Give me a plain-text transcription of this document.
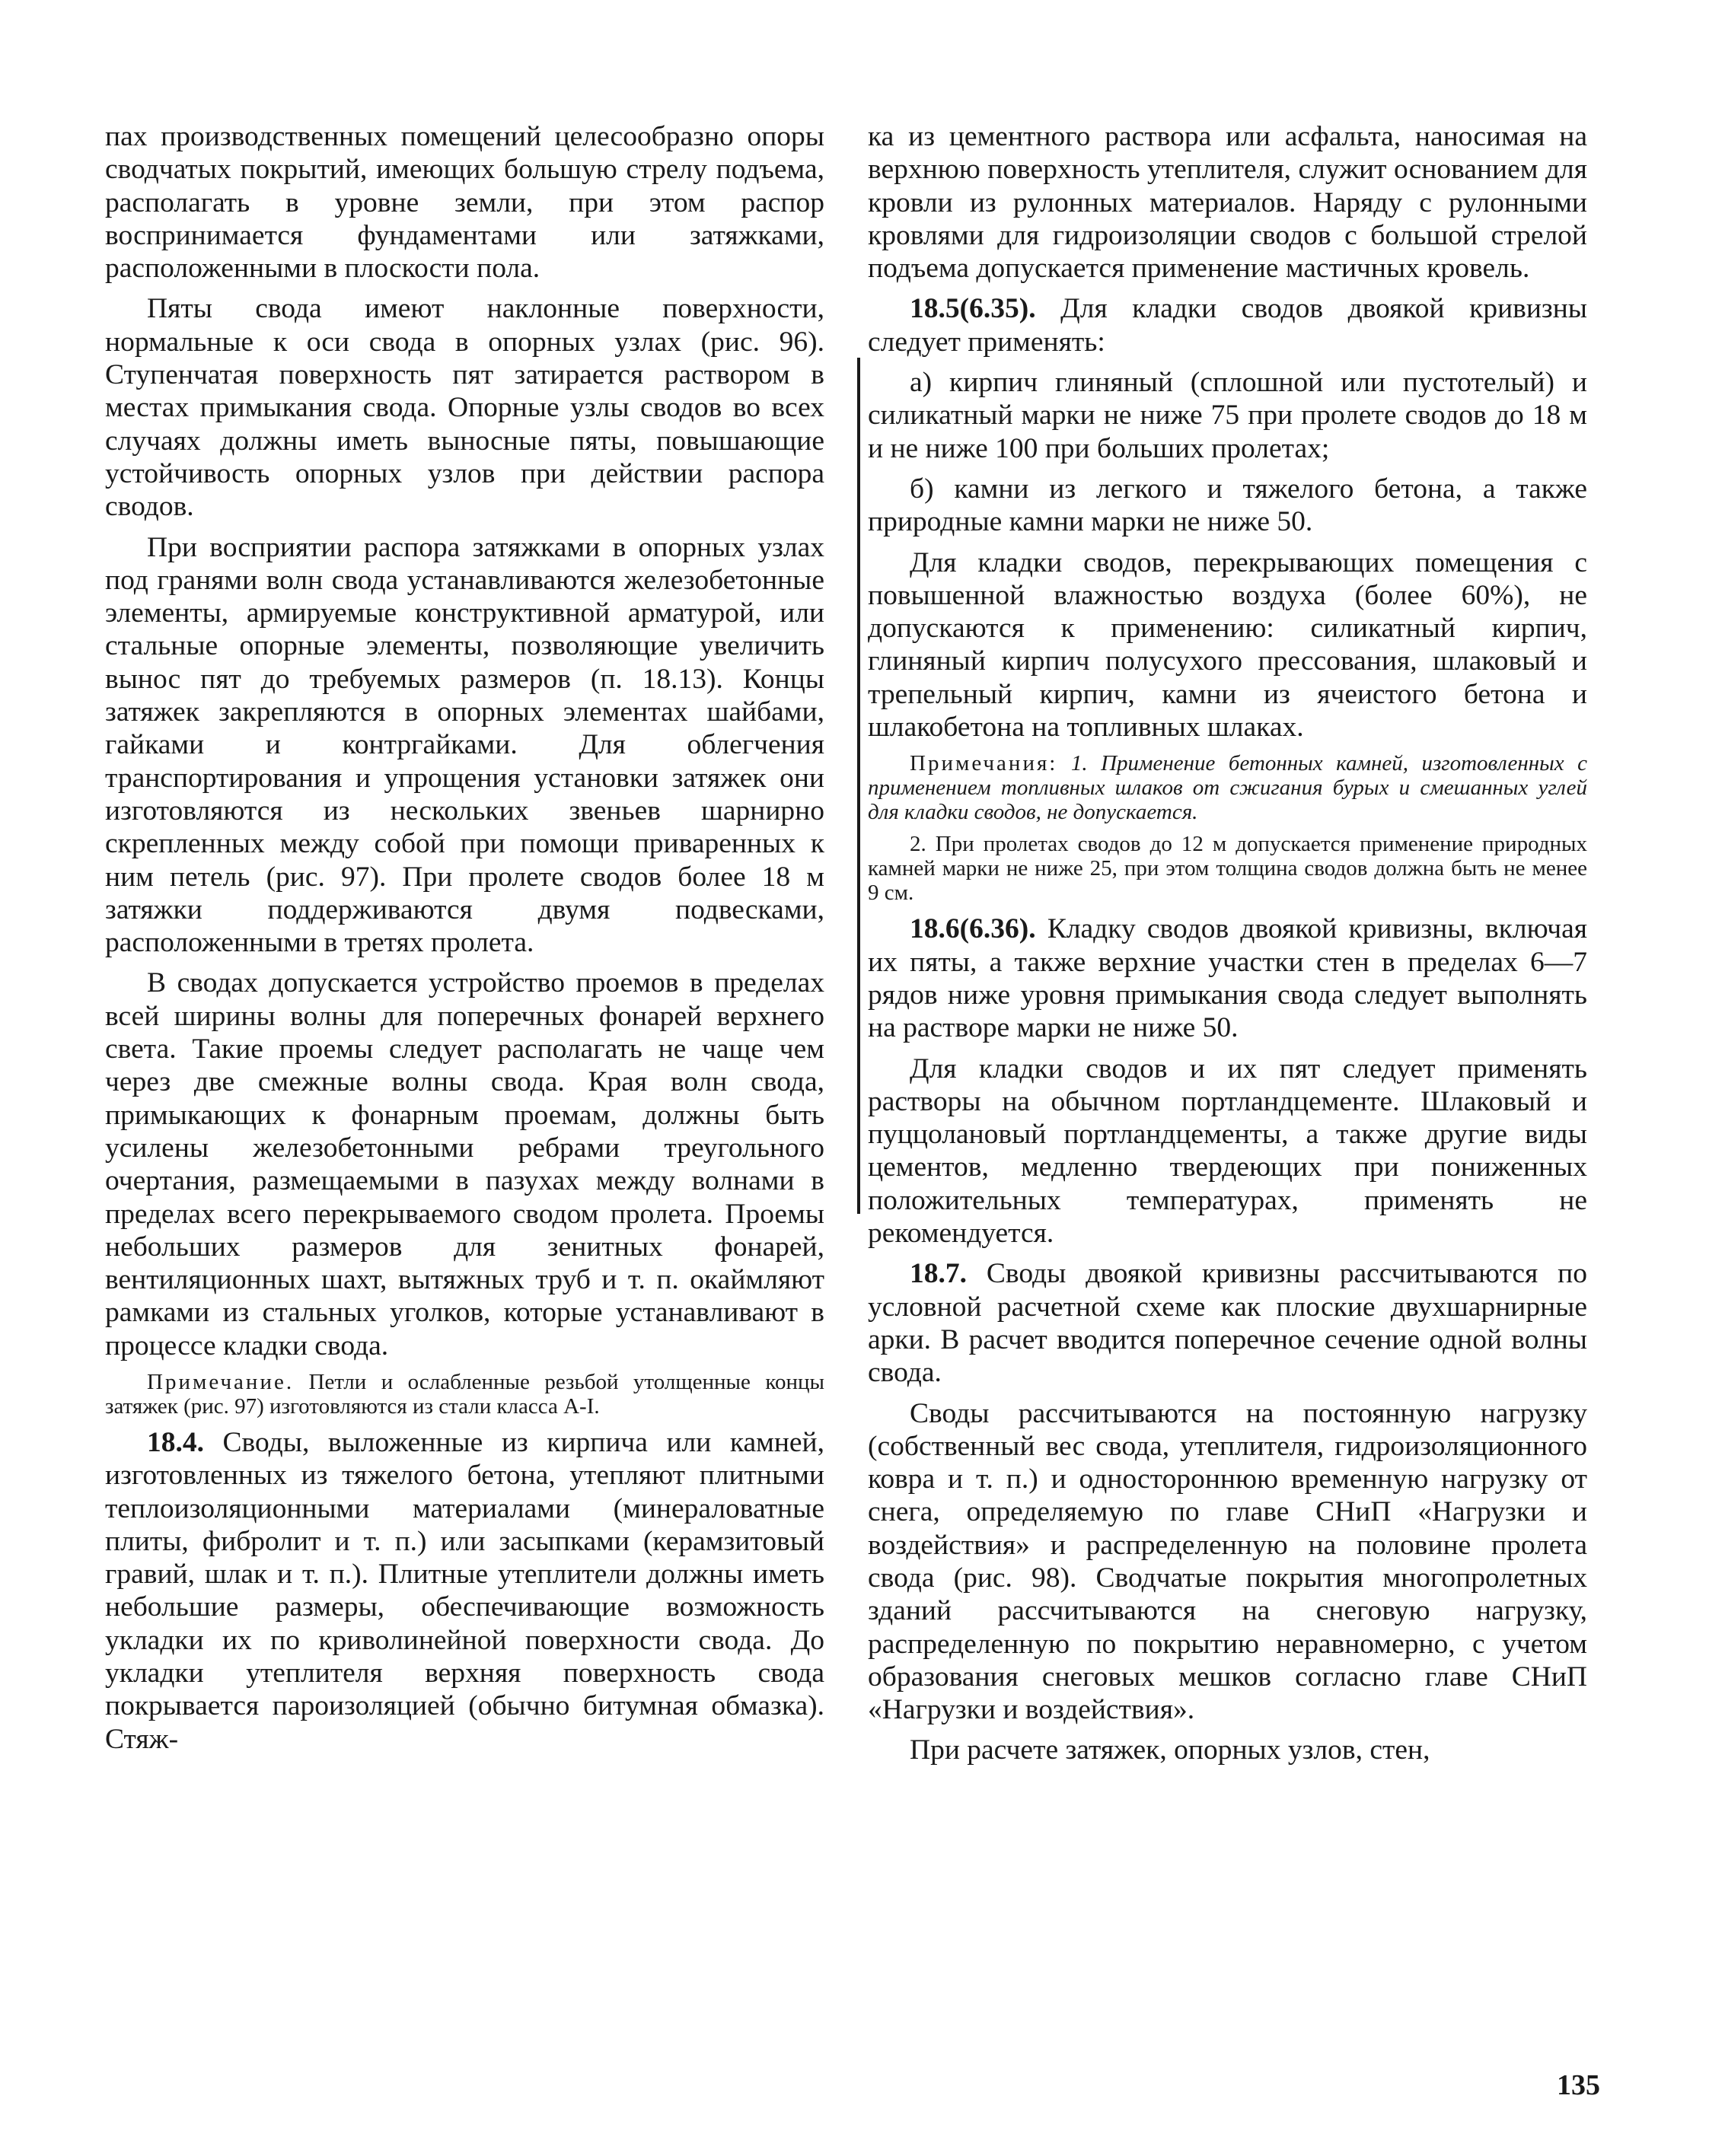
пах производственных помещений целесообразно опоры сводчатых покрытий, имеющих большую стрелу подъема, располагать в уровне земли, при этом распор воспринимается фундаментами или затяжками, расположенными в плоскости пола.

Пяты свода имеют наклонные поверхности, нормальные к оси свода в опорных узлах (рис. 96). Ступенчатая поверхность пят затирается раствором в местах примыкания свода. Опорные узлы сводов во всех случаях должны иметь выносные пяты, повышающие устойчивость опорных узлов при действии распора сводов.

При восприятии распора затяжками в опорных узлах под гранями волн свода устанавливаются железобетонные элементы, армируемые конструктивной арматурой, или стальные опорные элементы, позволяющие увеличить вынос пят до требуемых размеров (п. 18.13). Концы затяжек закрепляются в опорных элементах шайбами, гайками и контргайками. Для облегчения транспортирования и упрощения установки затяжек они изготовляются из нескольких звеньев шарнирно скрепленных между собой при помощи приваренных к ним петель (рис. 97). При пролете сводов более 18 м затяжки поддерживаются двумя подвесками, расположенными в третях пролета.

В сводах допускается устройство проемов в пределах всей ширины волны для поперечных фонарей верхнего света. Такие проемы следует располагать не чаще чем через две смежные волны свода. Края волн свода, примыкающих к фонарным проемам, должны быть усилены железобетонными ребрами треугольного очертания, размещаемыми в пазухах между волнами в пределах всего перекрываемого сводом пролета. Проемы небольших размеров для зенитных фонарей, вентиляционных шахт, вытяжных труб и т. п. окаймляют рамками из стальных уголков, которые устанавливают в процессе кладки свода.

Примечание. Петли и ослабленные резьбой утолщенные концы затяжек (рис. 97) изготовляются из стали класса А-I.

18.4. Своды, выложенные из кирпича или камней, изготовленных из тяжелого бетона, утепляют плитными теплоизоляционными материалами (минераловатные плиты, фибролит и т. п.) или засыпками (керамзитовый гравий, шлак и т. п.). Плитные утеплители должны иметь небольшие размеры, обеспечивающие возможность укладки их по криволинейной поверхности свода. До укладки утеплителя верхняя поверхность свода покрывается пароизоляцией (обычно битумная обмазка). Стяж-

ка из цементного раствора или асфальта, наносимая на верхнюю поверхность утеплителя, служит основанием для кровли из рулонных материалов. Наряду с рулонными кровлями для гидроизоляции сводов с большой стрелой подъема допускается применение мастичных кровель.

18.5(6.35). Для кладки сводов двоякой кривизны следует применять:

а) кирпич глиняный (сплошной или пустотелый) и силикатный марки не ниже 75 при пролете сводов до 18 м и не ниже 100 при больших пролетах;

б) камни из легкого и тяжелого бетона, а также природные камни марки не ниже 50.

Для кладки сводов, перекрывающих помещения с повышенной влажностью воздуха (более 60%), не допускаются к применению: силикатный кирпич, глиняный кирпич полусухого прессования, шлаковый и трепельный кирпич, камни из ячеистого бетона и шлакобетона на топливных шлаках.

Примечания: 1. Применение бетонных камней, изготовленных с применением топливных шлаков от сжигания бурых и смешанных углей для кладки сводов, не допускается.

2. При пролетах сводов до 12 м допускается применение природных камней марки не ниже 25, при этом толщина сводов должна быть не менее 9 см.

18.6(6.36). Кладку сводов двоякой кривизны, включая их пяты, а также верхние участки стен в пределах 6—7 рядов ниже уровня примыкания свода следует выполнять на растворе марки не ниже 50.

Для кладки сводов и их пят следует применять растворы на обычном портландцементе. Шлаковый и пуццолановый портландцементы, а также другие виды цементов, медленно твердеющих при пониженных положительных температурах, применять не рекомендуется.

18.7. Своды двоякой кривизны рассчитываются по условной расчетной схеме как плоские двухшарнирные арки. В расчет вводится поперечное сечение одной волны свода.

Своды рассчитываются на постоянную нагрузку (собственный вес свода, утеплителя, гидроизоляционного ковра и т. п.) и одностороннюю временную нагрузку от снега, определяемую по главе СНиП «Нагрузки и воздействия» и распределенную на половине пролета свода (рис. 98). Сводчатые покрытия многопролетных зданий рассчитываются на снеговую нагрузку, распределенную по покрытию неравномерно, с учетом образования снеговых мешков согласно главе СНиП «Нагрузки и воздействия».

При расчете затяжек, опорных узлов, стен,

135
